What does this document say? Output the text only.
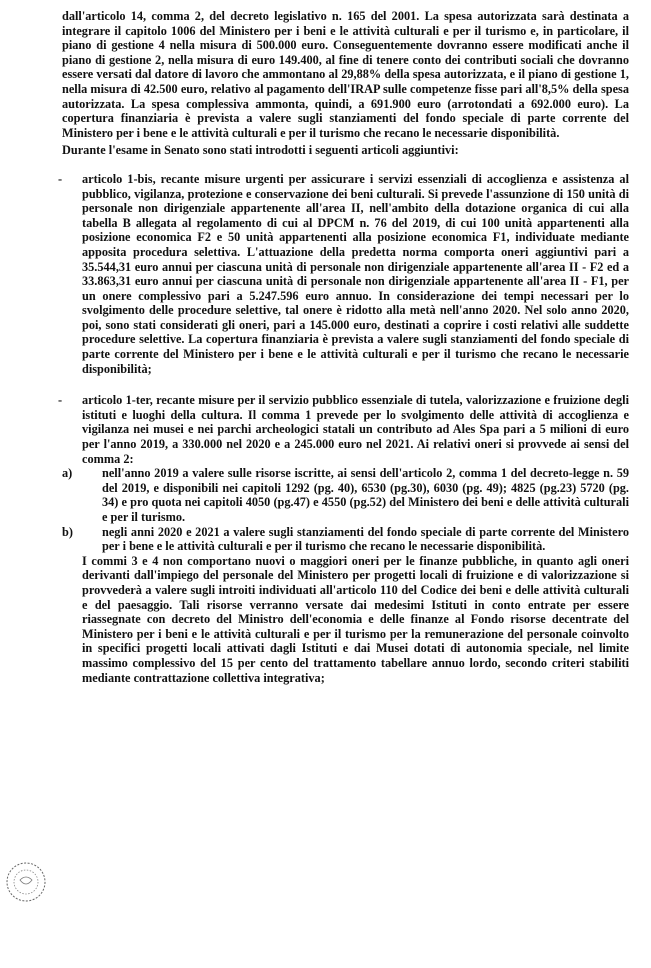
dall'articolo 14, comma 2, del decreto legislativo n. 165 del 2001. La spesa autorizzata sarà destinata a integrare il capitolo 1006 del Ministero per i beni e le attività culturali e per il turismo e, in particolare, il piano di gestione 4 nella misura di 500.000 euro. Conseguentemente dovranno essere modificati anche il piano di gestione 2, nella misura di euro 149.400, al fine di tenere conto dei contributi sociali che dovranno essere versati dal datore di lavoro che ammontano al 29,88% della spesa autorizzata, e il piano di gestione 1, nella misura di 42.500 euro, relativo al pagamento dell'IRAP sulle competenze fisse pari all'8,5% della spesa autorizzata. La spesa complessiva ammonta, quindi, a 691.900 euro (arrotondati a 692.000 euro). La copertura finanziaria è prevista a valere sugli stanziamenti del fondo speciale di parte corrente del Ministero per i bene e le attività culturali e per il turismo che recano le necessarie disponibilità.

Durante l'esame in Senato sono stati introdotti i seguenti articoli aggiuntivi:

- articolo 1-bis, recante misure urgenti per assicurare i servizi essenziali di accoglienza e assistenza al pubblico, vigilanza, protezione e conservazione dei beni culturali. Si prevede l'assunzione di 150 unità di personale non dirigenziale appartenente all'area II, nell'ambito della dotazione organica di cui alla tabella B allegata al regolamento di cui al DPCM n. 76 del 2019, di cui 100 unità appartenenti alla posizione economica F2 e 50 unità appartenenti alla posizione economica F1, individuate mediante apposita procedura selettiva. L'attuazione della predetta norma comporta oneri aggiuntivi pari a 35.544,31 euro annui per ciascuna unità di personale non dirigenziale appartenente all'area II - F2 ed a 33.863,31 euro annui per ciascuna unità di personale non dirigenziale appartenente all'area II - F1, per un onere complessivo pari a 5.247.596 euro annuo. In considerazione dei tempi necessari per lo svolgimento delle procedure selettive, tal onere è ridotto alla metà nell'anno 2020. Nel solo anno 2020, poi, sono stati considerati gli oneri, pari a 145.000 euro, destinati a coprire i costi relativi alle suddette procedure selettive. La copertura finanziaria è prevista a valere sugli stanziamenti del fondo speciale di parte corrente del Ministero per i bene e le attività culturali e per il turismo che recano le necessarie disponibilità;

- articolo 1-ter, recante misure per il servizio pubblico essenziale di tutela, valorizzazione e fruizione degli istituti e luoghi della cultura. Il comma 1 prevede per lo svolgimento delle attività di accoglienza e vigilanza nei musei e nei parchi archeologici statali un contributo ad Ales Spa pari a 5 milioni di euro per l'anno 2019, a 330.000 nel 2020 e a 245.000 euro nel 2021. Ai relativi oneri si provvede ai sensi del comma 2:

a) nell'anno 2019 a valere sulle risorse iscritte, ai sensi dell'articolo 2, comma 1 del decreto-legge n. 59 del 2019, e disponibili nei capitoli 1292 (pg. 40), 6530 (pg.30), 6030 (pg. 49); 4825 (pg.23) 5720 (pg. 34) e pro quota nei capitoli 4050 (pg.47) e 4550 (pg.52) del Ministero dei beni e delle attività culturali e per il turismo.

b) negli anni 2020 e 2021 a valere sugli stanziamenti del fondo speciale di parte corrente del Ministero per i bene e le attività culturali e per il turismo che recano le necessarie disponibilità.

I commi 3 e 4 non comportano nuovi o maggiori oneri per le finanze pubbliche, in quanto agli oneri derivanti dall'impiego del personale del Ministero per progetti locali di fruizione e di valorizzazione si provvederà a valere sugli introiti individuati all'articolo 110 del Codice dei beni e delle attività culturali e del paesaggio. Tali risorse verranno versate dai medesimi Istituti in conto entrate per essere riassegnate con decreto del Ministro dell'economia e delle finanze al Fondo risorse decentrate del Ministero per i beni e le attività culturali e per il turismo per la remunerazione del personale coinvolto in specifici progetti locali attivati dagli Istituti e dai Musei dotati di autonomia speciale, nel limite massimo complessivo del 15 per cento del trattamento tabellare annuo lordo, secondo criteri stabiliti mediante contrattazione collettiva integrativa;
